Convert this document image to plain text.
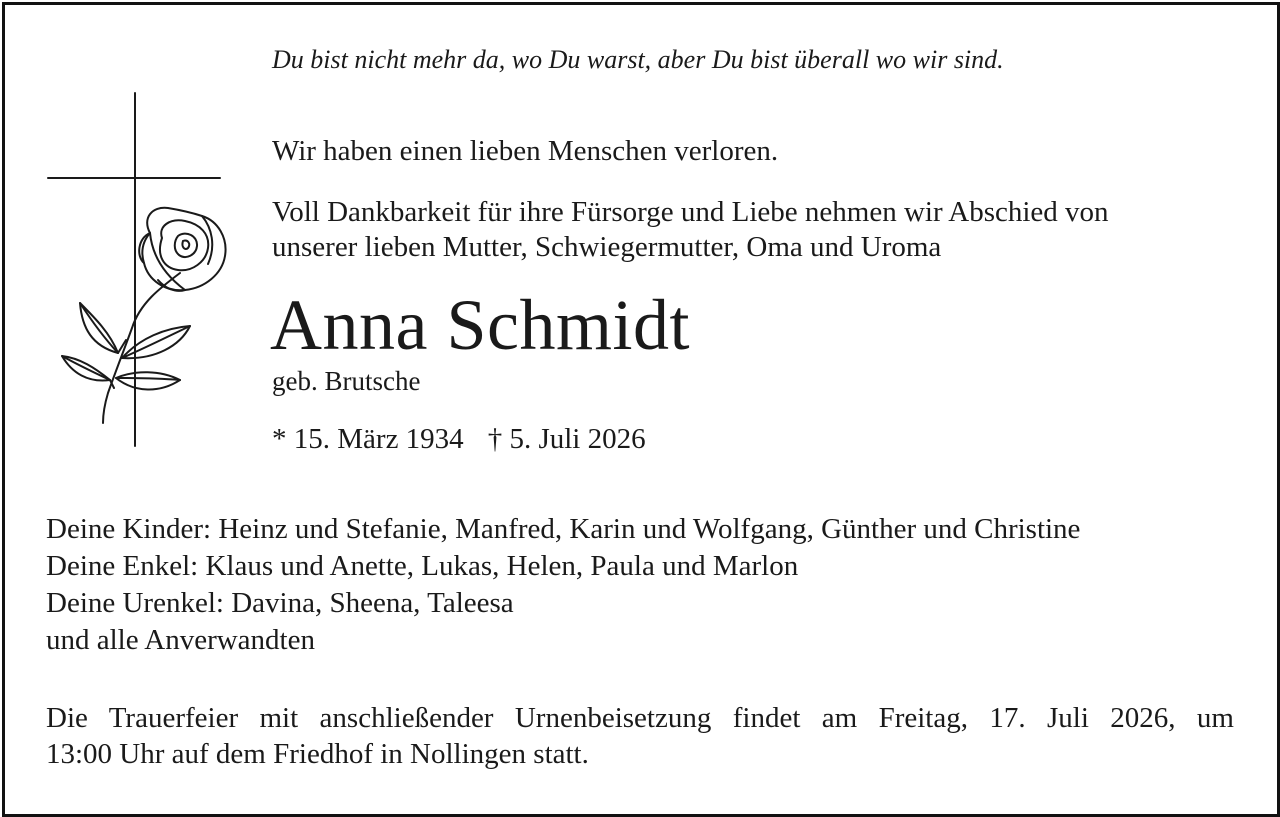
Du bist nicht mehr da, wo Du warst, aber Du bist überall wo wir sind.
Wir haben einen lieben Menschen verloren.
Voll Dankbarkeit für ihre Fürsorge und Liebe nehmen wir Abschied von
unserer lieben Mutter, Schwiegermutter, Oma und Uroma
Anna Schmidt
geb. Brutsche
* 15. März 1934 † 5. Juli 2026
Deine Kinder: Heinz und Stefanie, Manfred, Karin und Wolfgang, Günther und Christine
Deine Enkel: Klaus und Anette, Lukas, Helen, Paula und Marlon
Deine Urenkel: Davina, Sheena, Taleesa
und alle Anverwandten
Die Trauerfeier mit anschließender Urnenbeisetzung findet am Freitag, 17. Juli 2026, um
13:00 Uhr auf dem Friedhof in Nollingen statt.
